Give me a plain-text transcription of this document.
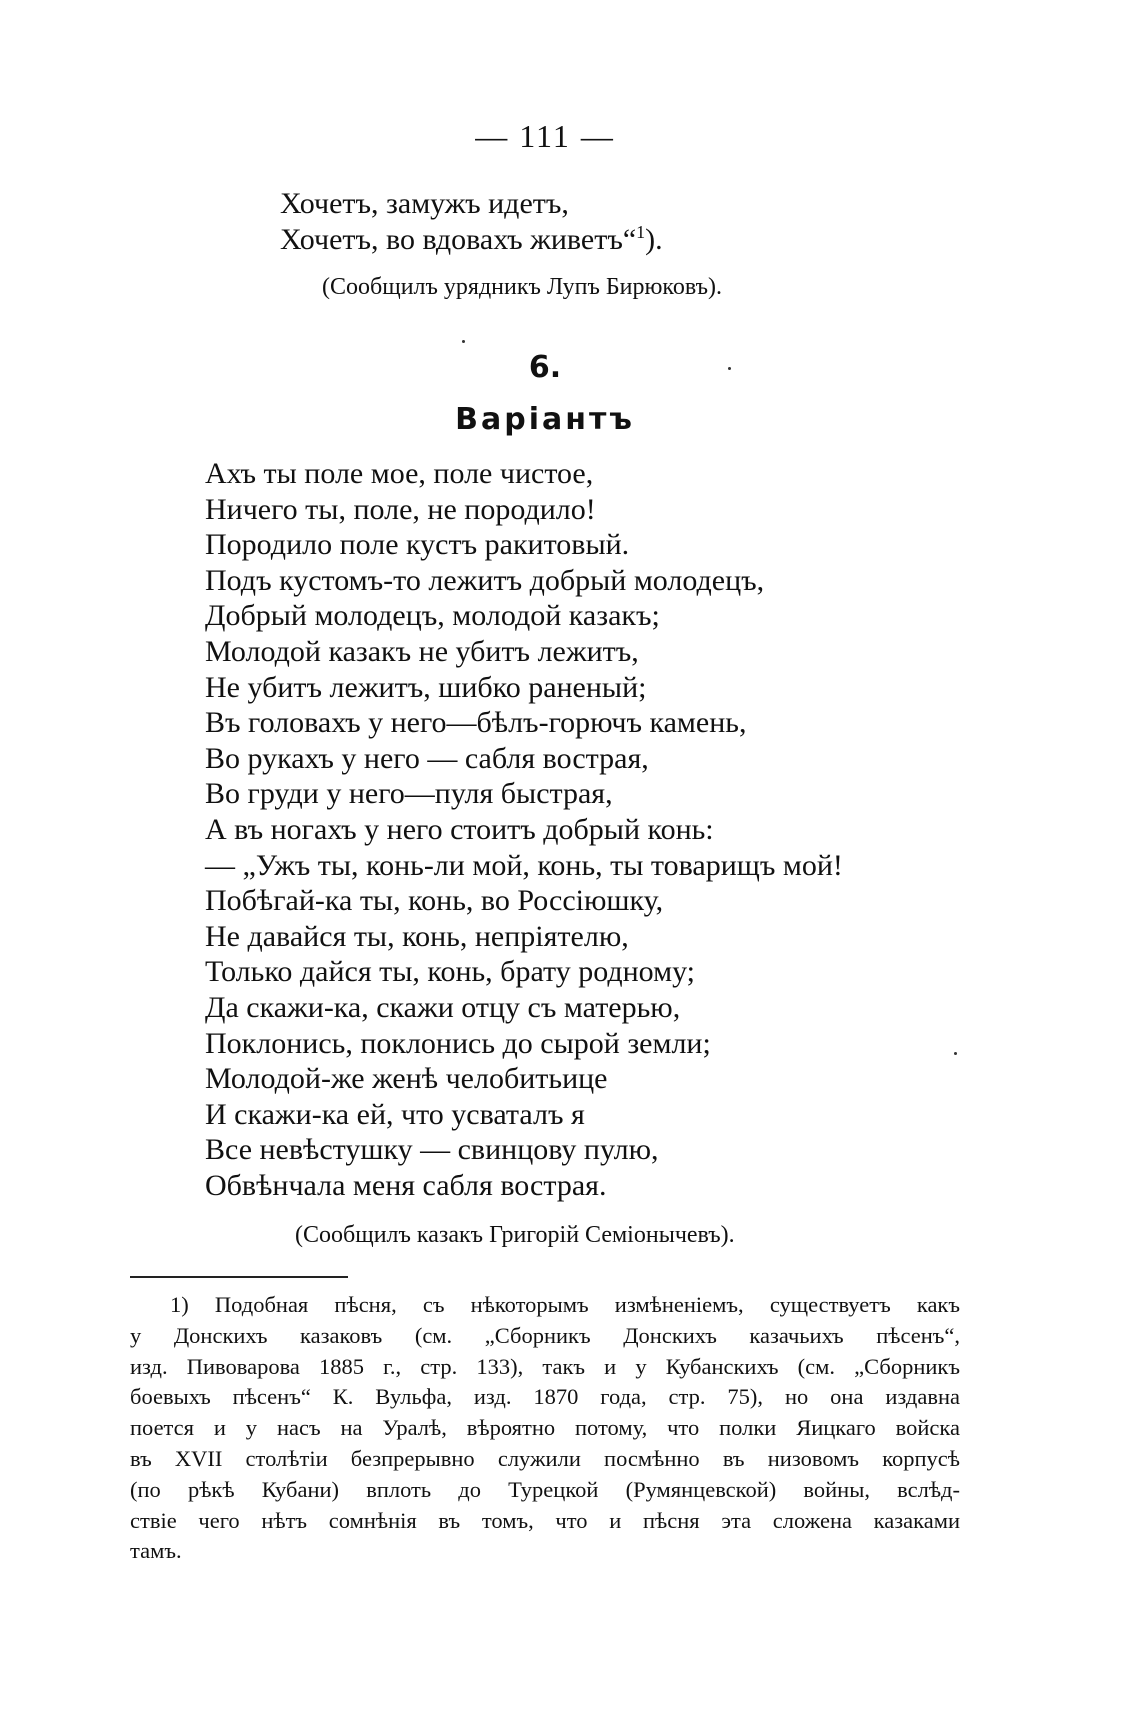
— 111 —
Хочетъ, замужъ идетъ,
Хочетъ, во вдовахъ живетъ“$^1$).
(Сообщилъ урядникъ Лупъ Бирюковъ).
6.
Варіантъ
Ахъ ты поле мое, поле чистое,
Ничего ты, поле, не породило!
Породило поле кустъ ракитовый.
Подъ кустомъ-то лежитъ добрый молодецъ,
Добрый молодецъ, молодой казакъ;
Молодой казакъ не убитъ лежитъ,
Не убитъ лежитъ, шибко раненый;
Въ головахъ у него—бѣлъ-горючъ камень,
Во рукахъ у него — сабля вострая,
Во груди у него—пуля быстрая,
А въ ногахъ у него стоитъ добрый конь:
— „Ужъ ты, конь-ли мой, конь, ты товарищъ мой!
Побѣгай-ка ты, конь, во Россіюшку,
Не давайся ты, конь, непріятелю,
Только дайся ты, конь, брату родному;
Да скажи-ка, скажи отцу съ матерью,
Поклонись, поклонись до сырой земли;
Молодой-же женѣ челобитьице
И скажи-ка ей, что усваталъ я
Все невѣстушку — свинцову пулю,
Обвѣнчала меня сабля вострая.
(Сообщилъ казакъ Григорій Семіонычевъ).
1) Подобная пѣсня, съ нѣкоторымъ измѣненіемъ, существуетъ какъ
у Донскихъ казаковъ (см. „Сборникъ Донскихъ казачьихъ пѣсенъ“,
изд. Пивоварова 1885 г., стр. 133), такъ и у Кубанскихъ (см. „Сборникъ
боевыхъ пѣсенъ“ К. Вульфа, изд. 1870 года, стр. 75), но она издавна
поется и у насъ на Уралѣ, вѣроятно потому, что полки Яицкаго войска
въ XVII столѣтіи безпрерывно служили посмѣнно въ низовомъ корпусѣ
(по рѣкѣ Кубани) вплоть до Турецкой (Румянцевской) войны, вслѣд-
ствіе чего нѣтъ сомнѣнія въ томъ, что и пѣсня эта сложена казаками
тамъ.
